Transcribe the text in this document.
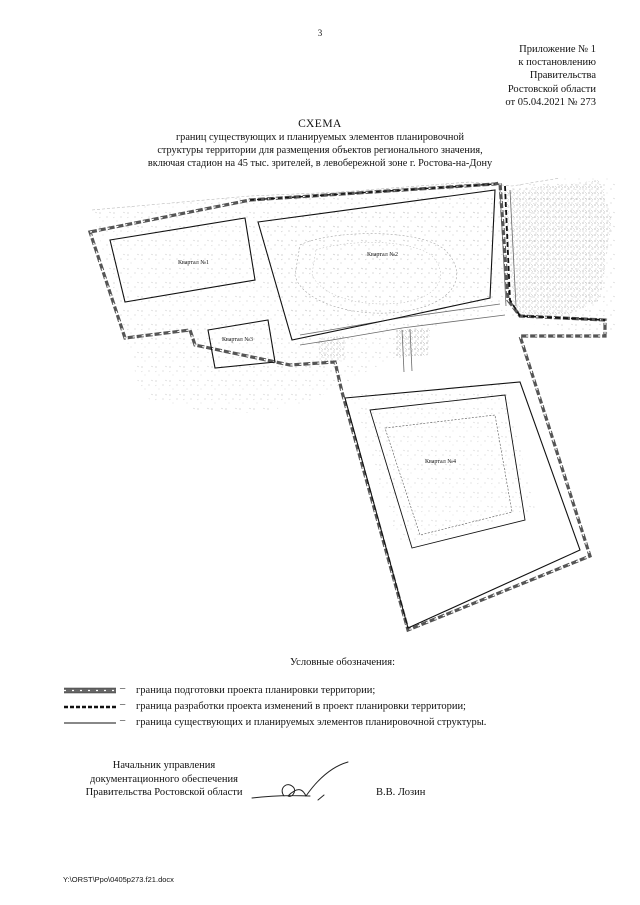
3
Приложение № 1
к постановлению
Правительства
Ростовской области
от 05.04.2021 № 273
СХЕМА
границ существующих и планируемых элементов планировочной
структуры территории для размещения объектов регионального значения,
включая стадион на 45 тыс. зрителей, в левобережной зоне г. Ростова-на-Дону
Квартал №1
Квартал №2
Квартал №3
Квартал №4
Условные обозначения:
– граница подготовки проекта планировки территории;
– граница разработки проекта изменений в проект планировки территории;
– граница существующих и планируемых элементов планировочной структуры.
Начальник управления
документационного обеспечения
Правительства Ростовской области	В.В. Лозин
Y:\ORST\Ppo\0405p273.f21.docx
